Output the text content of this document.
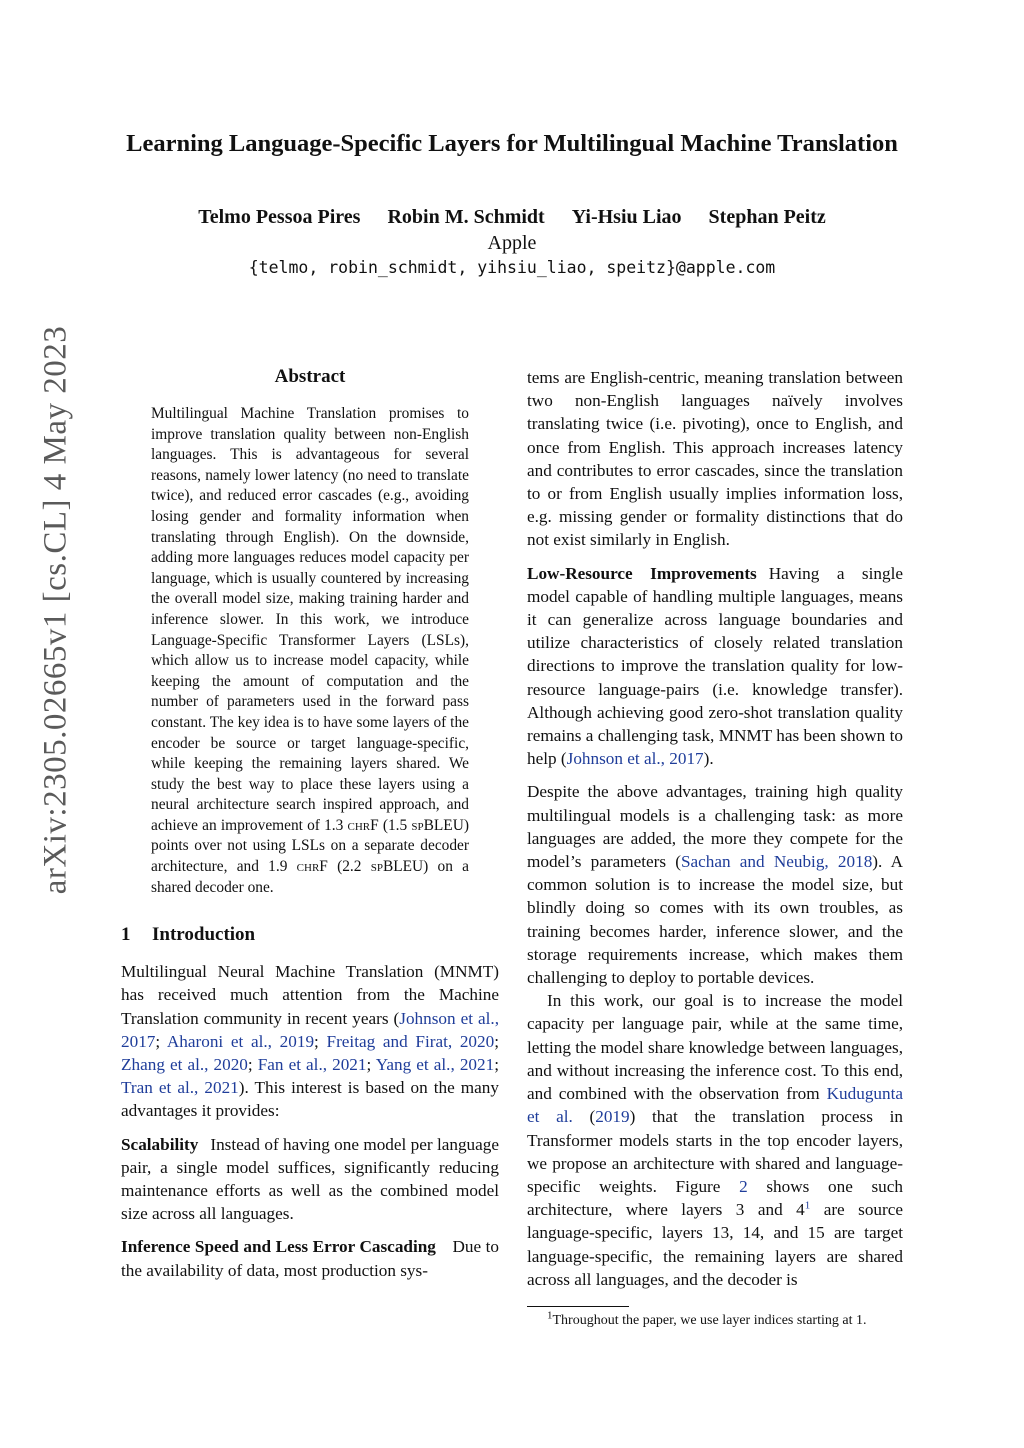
arXiv:2305.02665v1 [cs.CL] 4 May 2023
Learning Language-Specific Layers for Multilingual Machine Translation
Telmo Pessoa Pires Robin M. Schmidt Yi-Hsiu Liao Stephan Peitz
Apple
{telmo, robin_schmidt, yihsiu_liao, speitz}@apple.com
Abstract
Multilingual Machine Translation promises to improve translation quality between non-English languages. This is advantageous for several reasons, namely lower latency (no need to translate twice), and reduced error cascades (e.g., avoiding losing gender and formality information when translating through English). On the downside, adding more languages reduces model capacity per language, which is usually countered by increasing the overall model size, making training harder and inference slower. In this work, we introduce Language-Specific Transformer Layers (LSLs), which allow us to increase model capacity, while keeping the amount of computation and the number of parameters used in the forward pass constant. The key idea is to have some layers of the encoder be source or target language-specific, while keeping the remaining layers shared. We study the best way to place these layers using a neural architecture search inspired approach, and achieve an improvement of 1.3 chrF (1.5 spBLEU) points over not using LSLs on a separate decoder architecture, and 1.9 chrF (2.2 spBLEU) on a shared decoder one.
1 Introduction

Multilingual Neural Machine Translation (MNMT) has received much attention from the Machine Translation community in recent years (Johnson et al., 2017; Aharoni et al., 2019; Freitag and Firat, 2020; Zhang et al., 2020; Fan et al., 2021; Yang et al., 2021; Tran et al., 2021). This interest is based on the many advantages it provides:

Scalability Instead of having one model per language pair, a single model suffices, significantly reducing maintenance efforts as well as the combined model size across all languages.

Inference Speed and Less Error Cascading Due to the availability of data, most production sys-

tems are English-centric, meaning translation between two non-English languages naïvely involves translating twice (i.e. pivoting), once to English, and once from English. This approach increases latency and contributes to error cascades, since the translation to or from English usually implies information loss, e.g. missing gender or formality distinctions that do not exist similarly in English.

Low-Resource Improvements Having a single model capable of handling multiple languages, means it can generalize across language boundaries and utilize characteristics of closely related translation directions to improve the translation quality for low-resource language-pairs (i.e. knowledge transfer). Although achieving good zero-shot translation quality remains a challenging task, MNMT has been shown to help (Johnson et al., 2017).

Despite the above advantages, training high quality multilingual models is a challenging task: as more languages are added, the more they compete for the model’s parameters (Sachan and Neubig, 2018). A common solution is to increase the model size, but blindly doing so comes with its own troubles, as training becomes harder, inference slower, and the storage requirements increase, which makes them challenging to deploy to portable devices.

In this work, our goal is to increase the model capacity per language pair, while at the same time, letting the model share knowledge between languages, and without increasing the inference cost. To this end, and combined with the observation from Kudugunta et al. (2019) that the translation process in Transformer models starts in the top encoder layers, we propose an architecture with shared and language-specific weights. Figure 2 shows one such architecture, where layers 3 and $4^1$ are source language-specific, layers 13, 14, and 15 are target language-specific, the remaining layers are shared across all languages, and the decoder is

$^1$Throughout the paper, we use layer indices starting at 1.
